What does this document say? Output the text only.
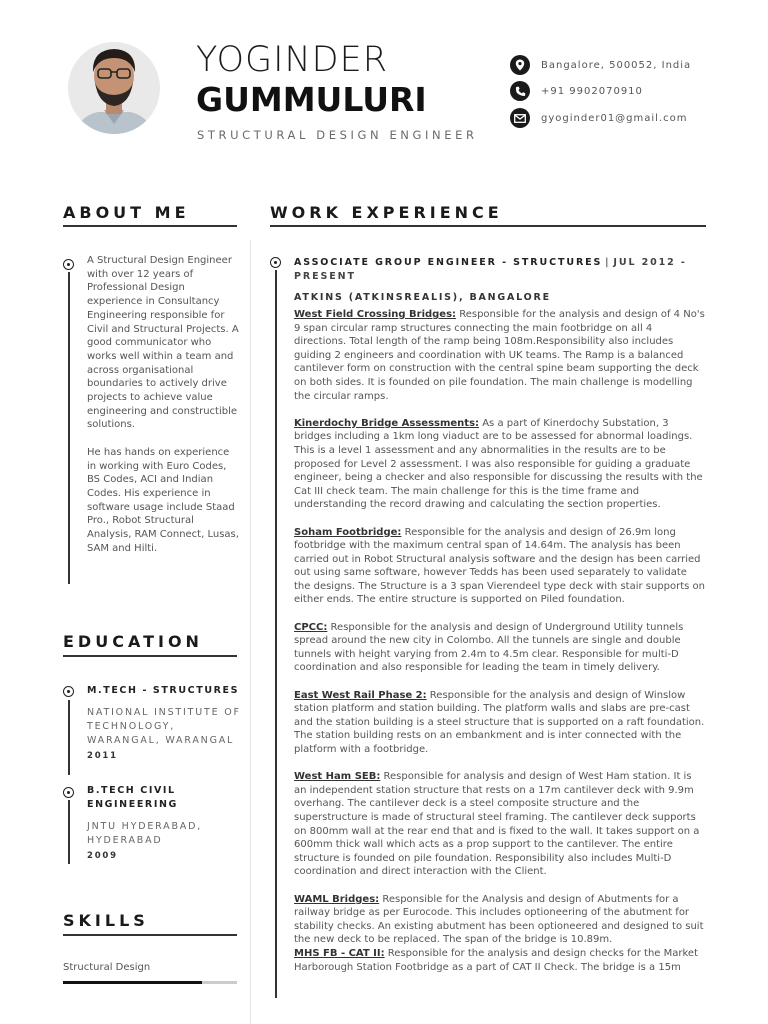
YOGINDER
GUMMULURI
STRUCTURAL DESIGN ENGINEER
Bangalore, 500052, India
+91 9902070910
gyoginder01@gmail.com
ABOUT ME

A Structural Design Engineer with over 12 years of Professional Design experience in Consultancy Engineering responsible for Civil and Structural Projects. A good communicator who works well within a team and across organisational boundaries to actively drive projects to achieve value engineering and constructible solutions.

He has hands on experience in working with Euro Codes, BS Codes, ACI and Indian Codes. His experience in software usage include Staad Pro., Robot Structural Analysis, RAM Connect, Lusas, SAM and Hilti.

EDUCATION
M.TECH - STRUCTURES
NATIONAL INSTITUTE OF TECHNOLOGY, WARANGAL, WARANGAL
2011
B.TECH CIVIL ENGINEERING
JNTU HYDERABAD, HYDERABAD
2009
SKILLS
Structural Design
WORK EXPERIENCE
ASSOCIATE GROUP ENGINEER - STRUCTURES | JUL 2012 - PRESENT
ATKINS (ATKINSREALIS), BANGALORE
West Field Crossing Bridges: Responsible for the analysis and design of 4 No's 9 span circular ramp structures connecting the main footbridge on all 4 directions. Total length of the ramp being 108m.Responsibility also includes guiding 2 engineers and coordination with UK teams. The Ramp is a balanced cantilever form on construction with the central spine beam supporting the deck on both sides. It is founded on pile foundation. The main challenge is modelling the circular ramps.
Kinerdochy Bridge Assessments: As a part of Kinerdochy Substation, 3 bridges including a 1km long viaduct are to be assessed for abnormal loadings. This is a level 1 assessment and any abnormalities in the results are to be proposed for Level 2 assessment. I was also responsible for guiding a graduate engineer, being a checker and also responsible for discussing the results with the Cat III check team. The main challenge for this is the time frame and understanding the record drawing and calculating the section properties.
Soham Footbridge: Responsible for the analysis and design of 26.9m long footbridge with the maximum central span of 14.64m. The analysis has been carried out in Robot Structural analysis software and the design has been carried out using same software, however Tedds has been used separately to validate the designs. The Structure is a 3 span Vierendeel type deck with stair supports on either ends. The entire structure is supported on Piled foundation.
CPCC: Responsible for the analysis and design of Underground Utility tunnels spread around the new city in Colombo. All the tunnels are single and double tunnels with height varying from 2.4m to 4.5m clear. Responsible for multi-D coordination and also responsible for leading the team in timely delivery.
East West Rail Phase 2: Responsible for the analysis and design of Winslow station platform and station building. The platform walls and slabs are pre-cast and the station building is a steel structure that is supported on a raft foundation. The station building rests on an embankment and is inter connected with the platform with a footbridge.
West Ham SEB: Responsible for analysis and design of West Ham station. It is an independent station structure that rests on a 17m cantilever deck with 9.9m overhang. The cantilever deck is a steel composite structure and the superstructure is made of structural steel framing. The cantilever deck supports on 800mm wall at the rear end that and is fixed to the wall. It takes support on a 600mm thick wall which acts as a prop support to the cantilever. The entire structure is founded on pile foundation. Responsibility also includes Multi-D coordination and direct interaction with the Client.
WAML Bridges: Responsible for the Analysis and design of Abutments for a railway bridge as per Eurocode. This includes optioneering of the abutment for stability checks. An existing abutment has been optioneered and designed to suit the new deck to be replaced. The span of the bridge is 10.89m.
MHS FB - CAT II: Responsible for the analysis and design checks for the Market Harborough Station Footbridge as a part of CAT II Check. The bridge is a 15m
